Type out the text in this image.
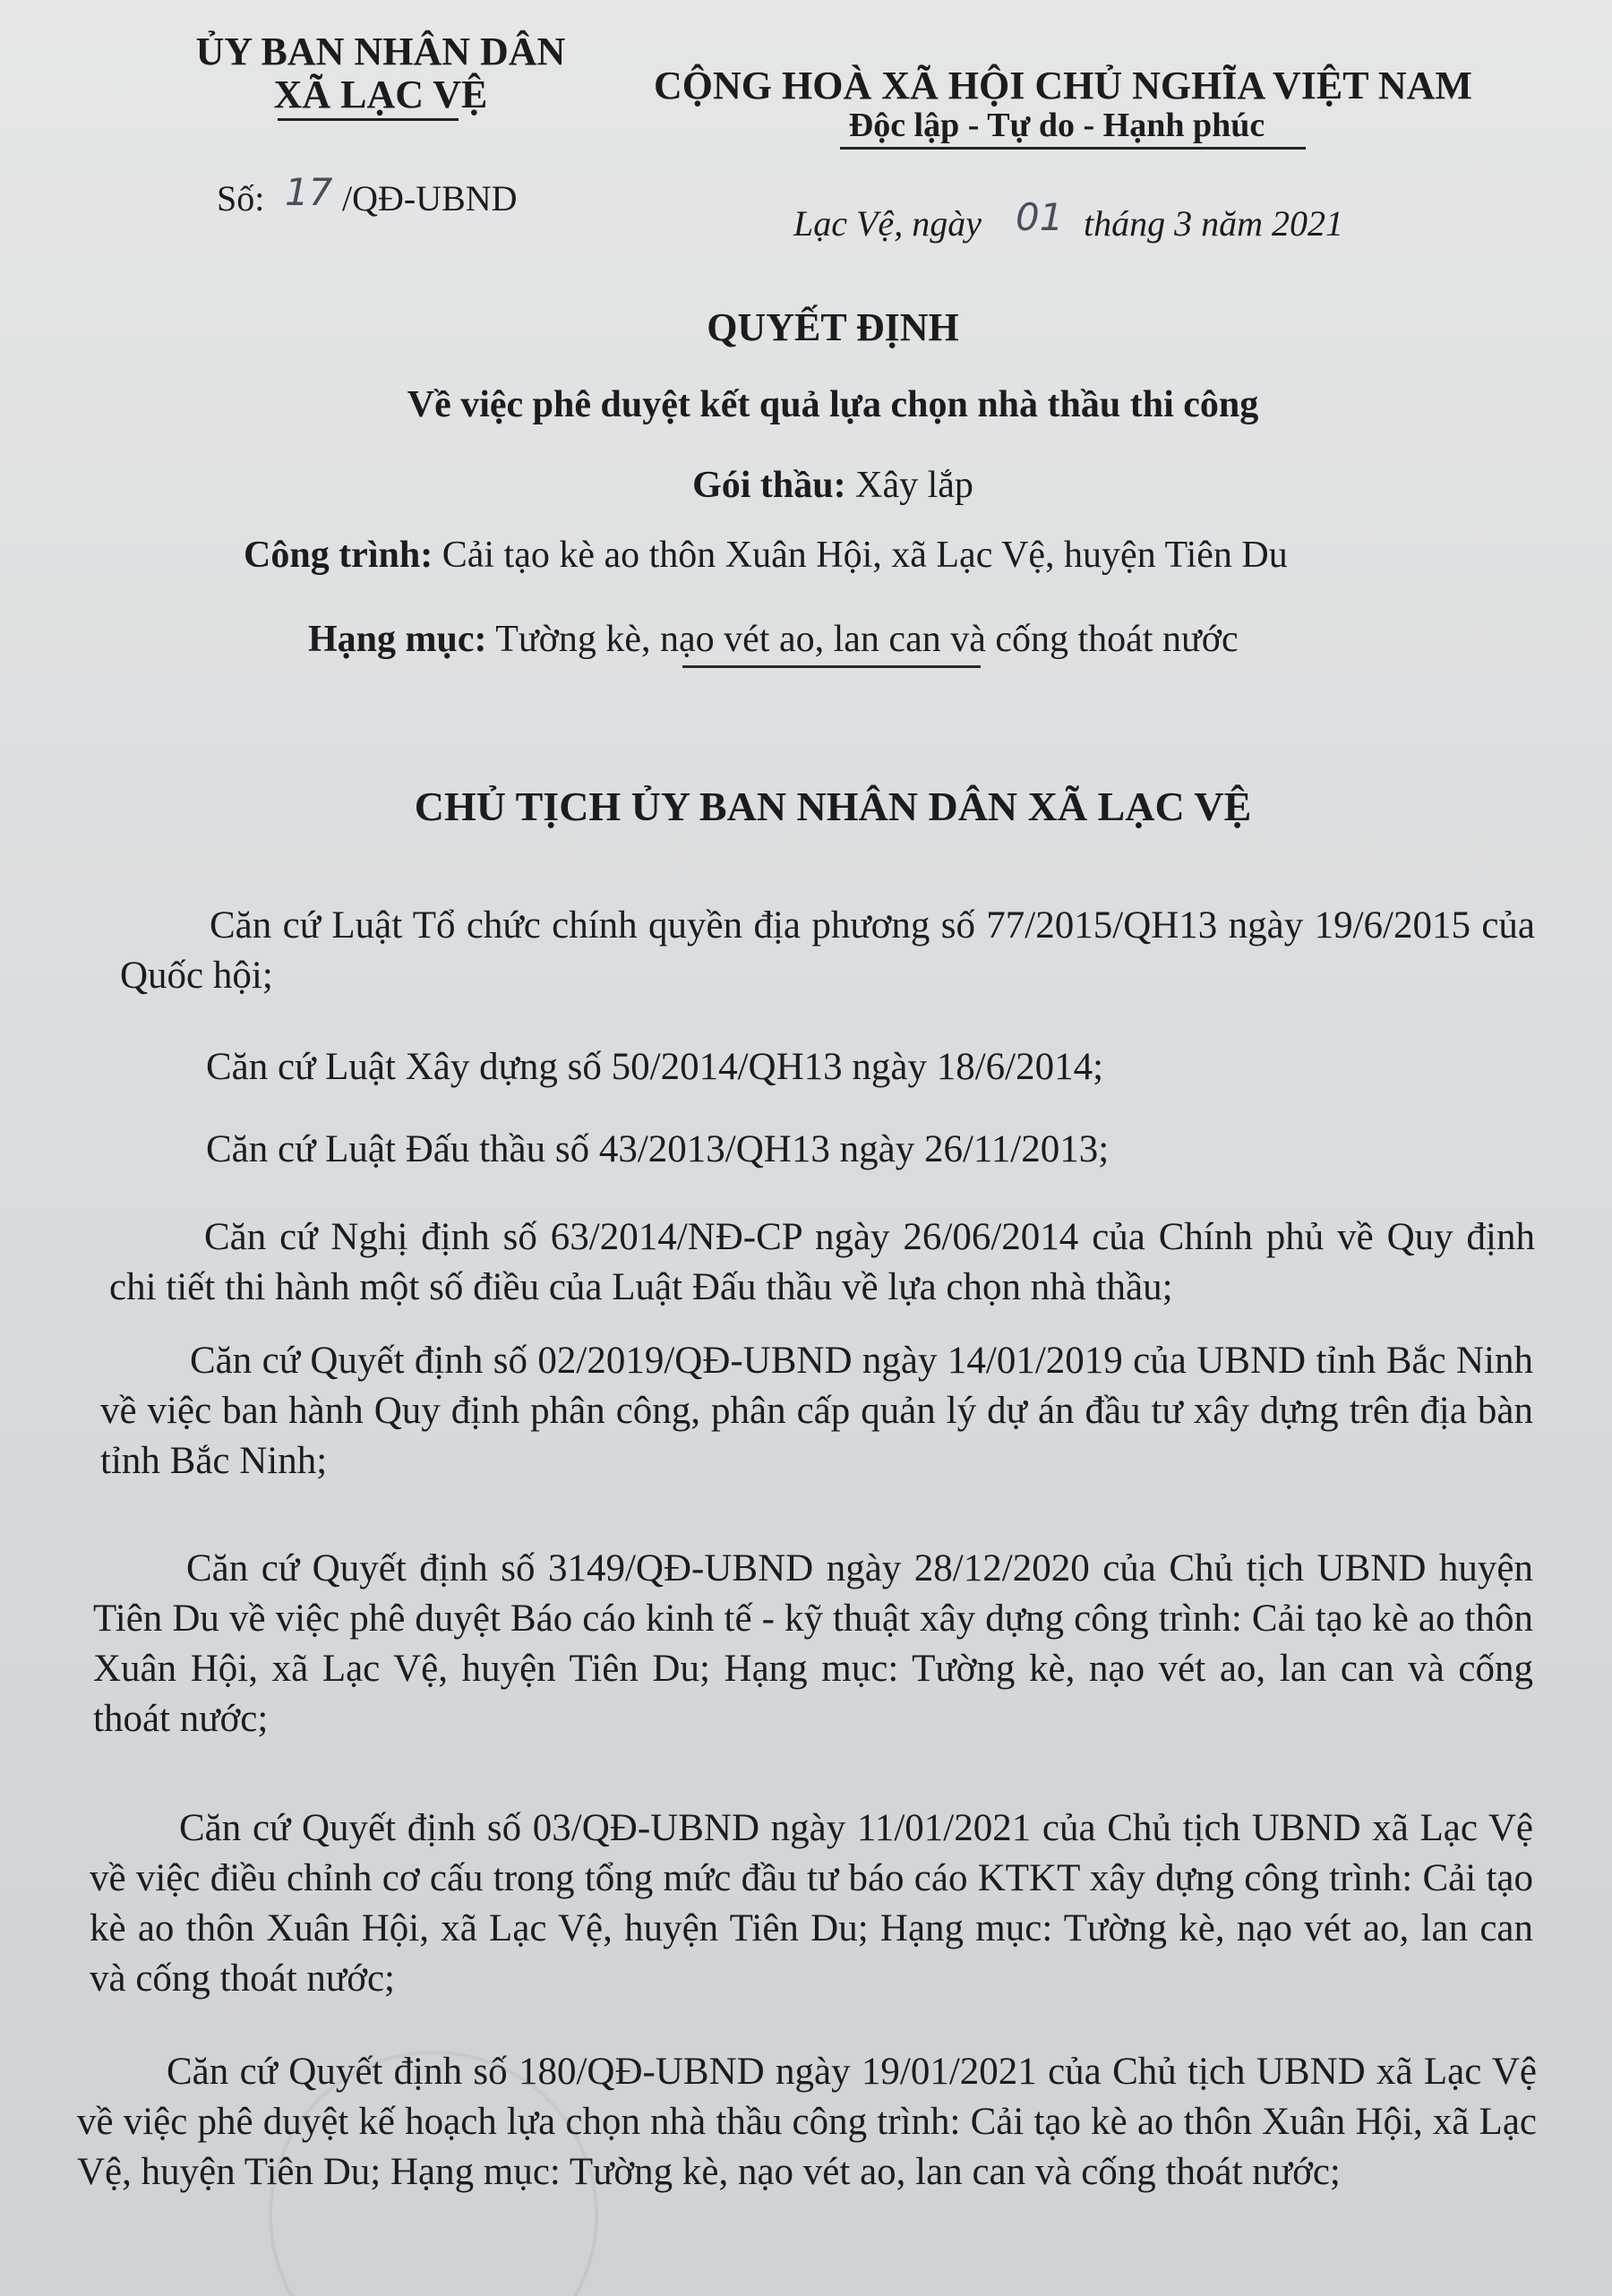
ỦY BAN NHÂN DÂN
XÃ LẠC VỆ	CỘNG HOÀ XÃ HỘI CHỦ NGHĨA VIỆT NAM
Độc lập - Tự do - Hạnh phúc
Số: 17 /QĐ-UBND
Lạc Vệ, ngày 01 tháng 3 năm 2021
QUYẾT ĐỊNH
Về việc phê duyệt kết quả lựa chọn nhà thầu thi công
Gói thầu: Xây lắp
Công trình: Cải tạo kè ao thôn Xuân Hội, xã Lạc Vệ, huyện Tiên Du
Hạng mục: Tường kè, nạo vét ao, lan can và cống thoát nước
CHỦ TỊCH ỦY BAN NHÂN DÂN XÃ LẠC VỆ
Căn cứ Luật Tổ chức chính quyền địa phương số 77/2015/QH13 ngày 19/6/2015 của Quốc hội;
Căn cứ Luật Xây dựng số 50/2014/QH13 ngày 18/6/2014;
Căn cứ Luật Đấu thầu số 43/2013/QH13 ngày 26/11/2013;
Căn cứ Nghị định số 63/2014/NĐ-CP ngày 26/06/2014 của Chính phủ về Quy định chi tiết thi hành một số điều của Luật Đấu thầu về lựa chọn nhà thầu;
Căn cứ Quyết định số 02/2019/QĐ-UBND ngày 14/01/2019 của UBND tỉnh Bắc Ninh về việc ban hành Quy định phân công, phân cấp quản lý dự án đầu tư xây dựng trên địa bàn tỉnh Bắc Ninh;
Căn cứ Quyết định số 3149/QĐ-UBND ngày 28/12/2020 của Chủ tịch UBND huyện Tiên Du về việc phê duyệt Báo cáo kinh tế - kỹ thuật xây dựng công trình: Cải tạo kè ao thôn Xuân Hội, xã Lạc Vệ, huyện Tiên Du; Hạng mục: Tường kè, nạo vét ao, lan can và cống thoát nước;
Căn cứ Quyết định số 03/QĐ-UBND ngày 11/01/2021 của Chủ tịch UBND xã Lạc Vệ về việc điều chỉnh cơ cấu trong tổng mức đầu tư báo cáo KTKT xây dựng công trình: Cải tạo kè ao thôn Xuân Hội, xã Lạc Vệ, huyện Tiên Du; Hạng mục: Tường kè, nạo vét ao, lan can và cống thoát nước;
Căn cứ Quyết định số 180/QĐ-UBND ngày 19/01/2021 của Chủ tịch UBND xã Lạc Vệ về việc phê duyệt kế hoạch lựa chọn nhà thầu công trình: Cải tạo kè ao thôn Xuân Hội, xã Lạc Vệ, huyện Tiên Du; Hạng mục: Tường kè, nạo vét ao, lan can và cống thoát nước;
